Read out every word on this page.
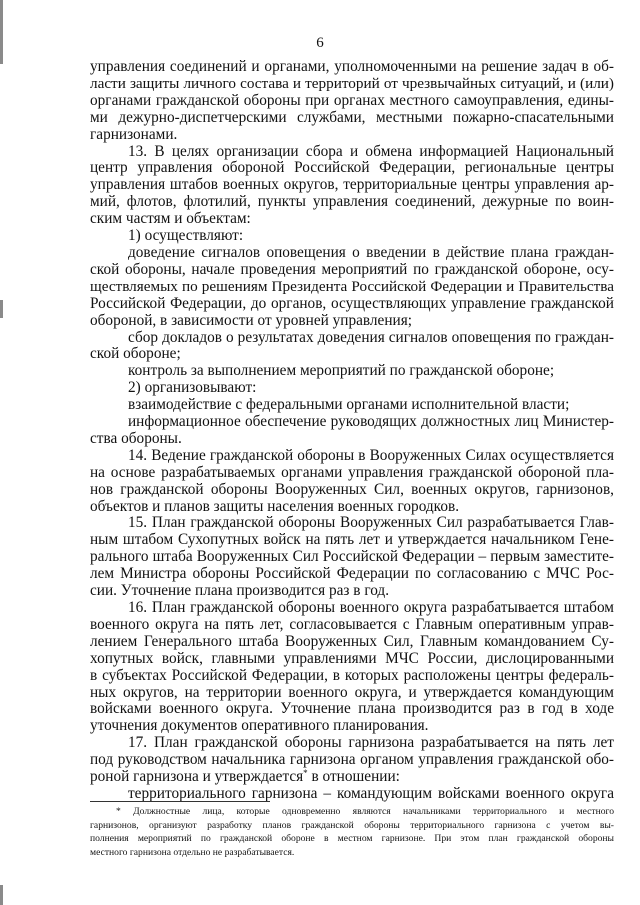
6
управления соединений и органами, уполномоченными на решение задач в об-
ласти защиты личного состава и территорий от чрезвычайных ситуаций, и (или)
органами гражданской обороны при органах местного самоуправления, едины-
ми дежурно-диспетчерскими службами, местными пожарно-спасательными
гарнизонами.
13. В целях организации сбора и обмена информацией Национальный
центр управления обороной Российской Федерации, региональные центры
управления штабов военных округов, территориальные центры управления ар-
мий, флотов, флотилий, пункты управления соединений, дежурные по воин-
ским частям и объектам:
1) осуществляют:
доведение сигналов оповещения о введении в действие плана граждан-
ской обороны, начале проведения мероприятий по гражданской обороне, осу-
ществляемых по решениям Президента Российской Федерации и Правительства
Российской Федерации, до органов, осуществляющих управление гражданской
обороной, в зависимости от уровней управления;
сбор докладов о результатах доведения сигналов оповещения по граждан-
ской обороне;
контроль за выполнением мероприятий по гражданской обороне;
2) организовывают:
взаимодействие с федеральными органами исполнительной власти;
информационное обеспечение руководящих должностных лиц Министер-
ства обороны.
14. Ведение гражданской обороны в Вооруженных Силах осуществляется
на основе разрабатываемых органами управления гражданской обороной пла-
нов гражданской обороны Вооруженных Сил, военных округов, гарнизонов,
объектов и планов защиты населения военных городков.
15. План гражданской обороны Вооруженных Сил разрабатывается Глав-
ным штабом Сухопутных войск на пять лет и утверждается начальником Гене-
рального штаба Вооруженных Сил Российской Федерации – первым заместите-
лем Министра обороны Российской Федерации по согласованию с МЧС Рос-
сии. Уточнение плана производится раз в год.
16. План гражданской обороны военного округа разрабатывается штабом
военного округа на пять лет, согласовывается с Главным оперативным управ-
лением Генерального штаба Вооруженных Сил, Главным командованием Су-
хопутных войск, главными управлениями МЧС России, дислоцированными
в субъектах Российской Федерации, в которых расположены центры федераль-
ных округов, на территории военного округа, и утверждается командующим
войсками военного округа. Уточнение плана производится раз в год в ходе
уточнения документов оперативного планирования.
17. План гражданской обороны гарнизона разрабатывается на пять лет
под руководством начальника гарнизона органом управления гражданской обо-
роной гарнизона и утверждается* в отношении:
территориального гарнизона – командующим войсками военного округа
* Должностные лица, которые одновременно являются начальниками территориального и местного
гарнизонов, организуют разработку планов гражданской обороны территориального гарнизона с учетом вы-
полнения мероприятий по гражданской обороне в местном гарнизоне. При этом план гражданской обороны
местного гарнизона отдельно не разрабатывается.
